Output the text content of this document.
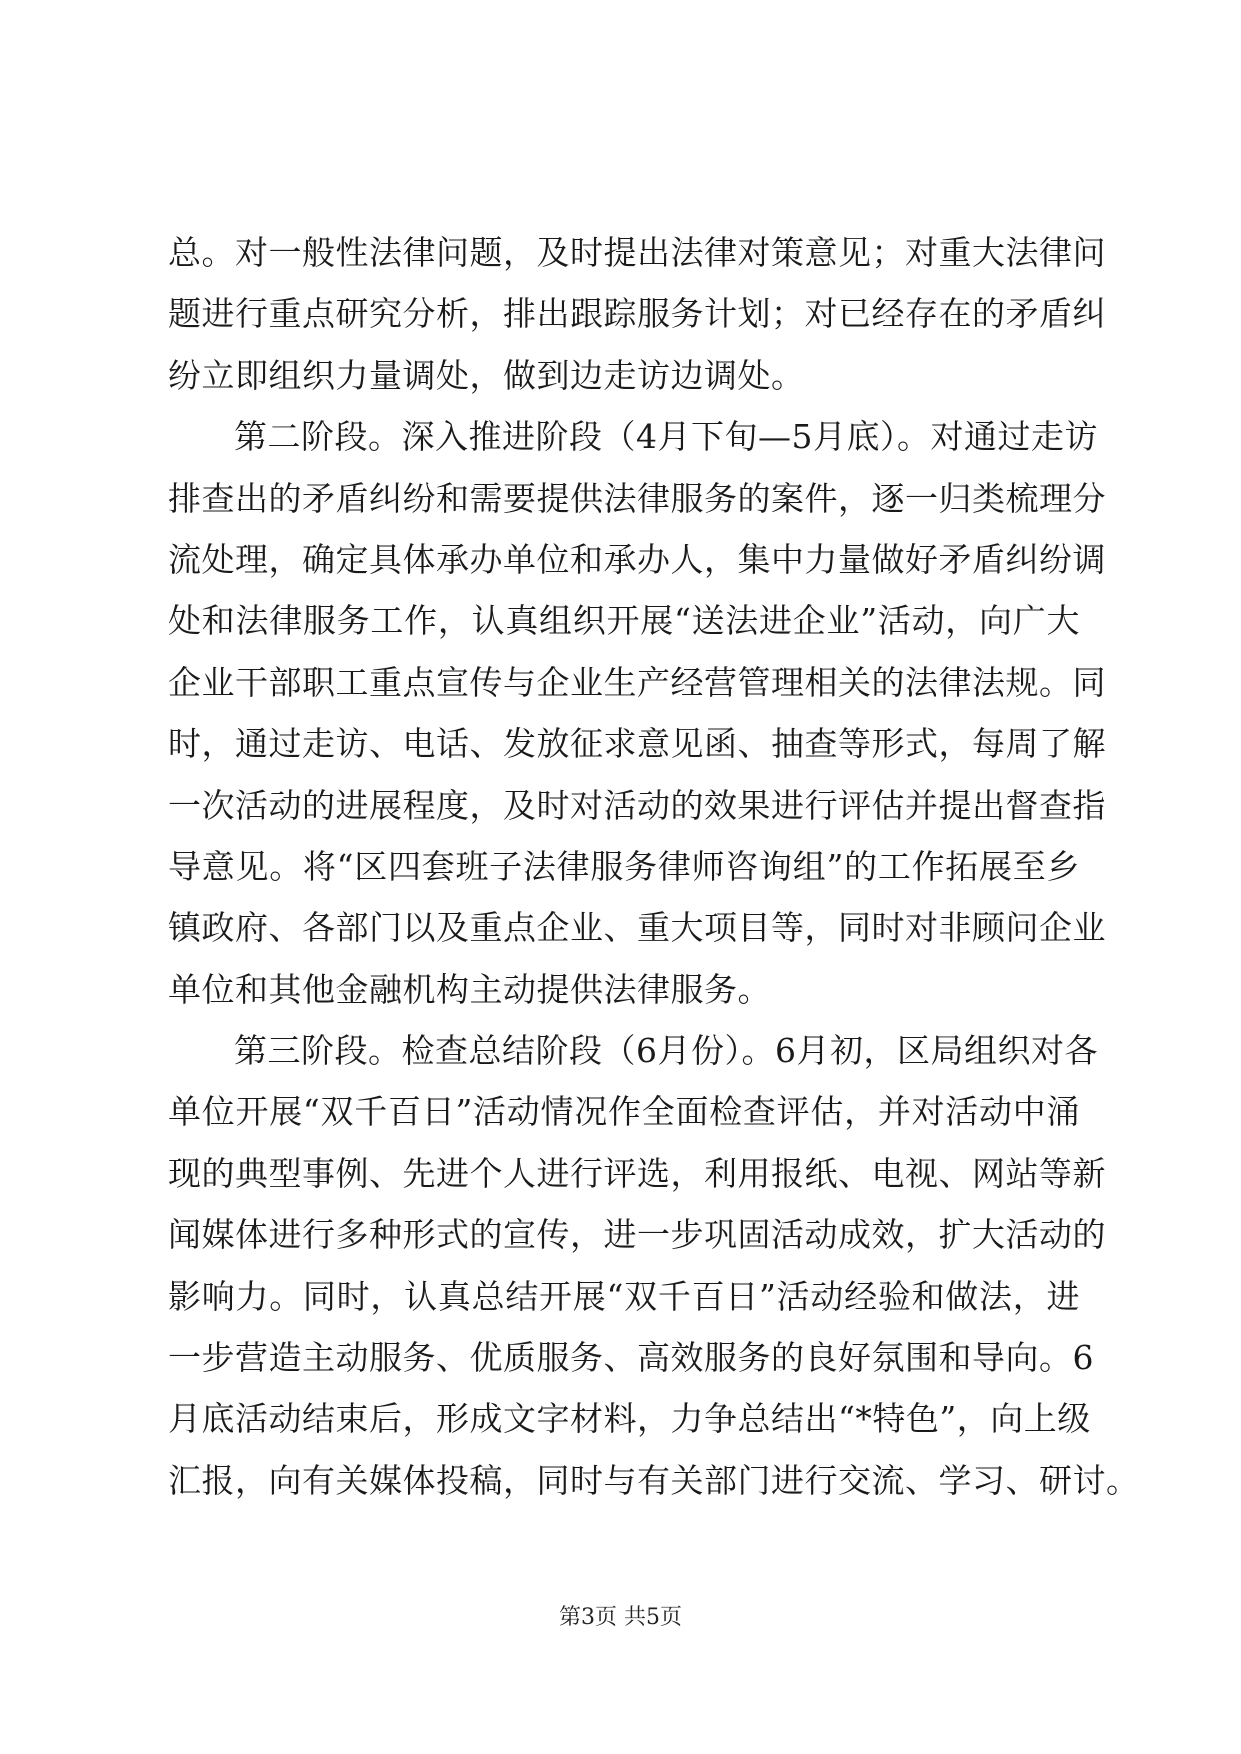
总。对一般性法律问题，及时提出法律对策意见；对重大法律问
题进行重点研究分析，排出跟踪服务计划；对已经存在的矛盾纠
纷立即组织力量调处，做到边走访边调处。
第二阶段。深入推进阶段（4月下旬—5月底）。对通过走访
排查出的矛盾纠纷和需要提供法律服务的案件，逐一归类梳理分
流处理，确定具体承办单位和承办人，集中力量做好矛盾纠纷调
处和法律服务工作，认真组织开展“送法进企业”活动，向广大
企业干部职工重点宣传与企业生产经营管理相关的法律法规。同
时，通过走访、电话、发放征求意见函、抽查等形式，每周了解
一次活动的进展程度，及时对活动的效果进行评估并提出督查指
导意见。将“区四套班子法律服务律师咨询组”的工作拓展至乡
镇政府、各部门以及重点企业、重大项目等，同时对非顾问企业
单位和其他金融机构主动提供法律服务。
第三阶段。检查总结阶段（6月份）。6月初，区局组织对各
单位开展“双千百日”活动情况作全面检查评估，并对活动中涌
现的典型事例、先进个人进行评选，利用报纸、电视、网站等新
闻媒体进行多种形式的宣传，进一步巩固活动成效，扩大活动的
影响力。同时，认真总结开展“双千百日”活动经验和做法，进
一步营造主动服务、优质服务、高效服务的良好氛围和导向。6
月底活动结束后，形成文字材料，力争总结出“*特色”，向上级
汇报，向有关媒体投稿，同时与有关部门进行交流、学习、研讨。
第3页 共5页
